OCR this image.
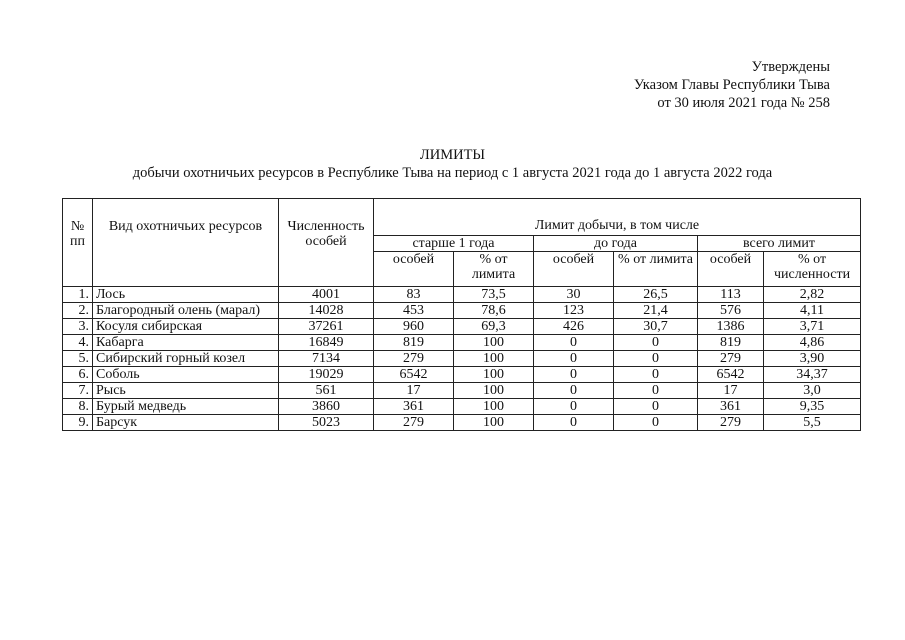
Утверждены
Указом Главы Республики Тыва
от 30 июля 2021 года № 258
ЛИМИТЫ
добычи охотничьих ресурсов в Республике Тыва на период с 1 августа 2021 года до 1 августа 2022 года
№ пп	Вид охотничьих ресурсов	Численность особей	Лимит добычи, в том числе					
			старше 1 года		до года		всего лимит	
			особей	% от лимита	особей	% от лимита	особей	% от численности
1.	Лось	4001	83	73,5	30	26,5	113	2,82
2.	Благородный олень (марал)	14028	453	78,6	123	21,4	576	4,11
3.	Косуля сибирская	37261	960	69,3	426	30,7	1386	3,71
4.	Кабарга	16849	819	100	0	0	819	4,86
5.	Сибирский горный козел	7134	279	100	0	0	279	3,90
6.	Соболь	19029	6542	100	0	0	6542	34,37
7.	Рысь	561	17	100	0	0	17	3,0
8.	Бурый медведь	3860	361	100	0	0	361	9,35
9.	Барсук	5023	279	100	0	0	279	5,5
